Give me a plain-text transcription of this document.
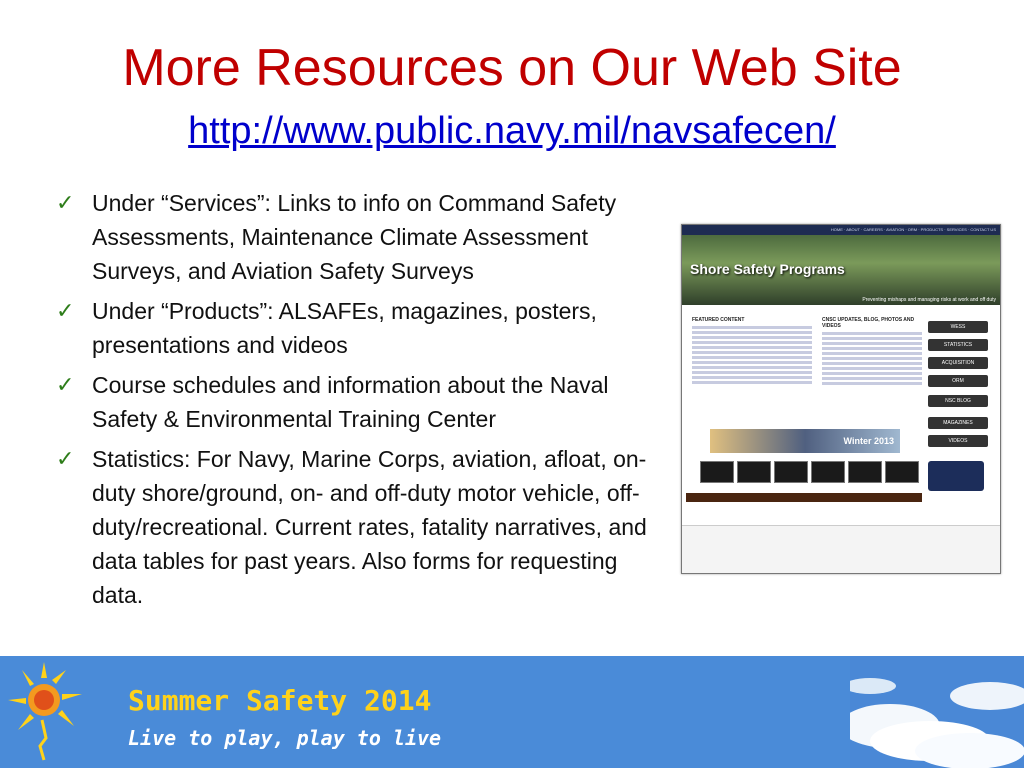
More Resources on Our Web Site
http://www.public.navy.mil/navsafecen/
✓ Under “Services”: Links to info on Command Safety Assessments, Maintenance Climate Assessment Surveys, and Aviation Safety Surveys
✓ Under “Products”: ALSAFEs, magazines, posters, presentations and videos
✓ Course schedules and information about the Naval Safety & Environmental Training Center
✓ Statistics: For Navy, Marine Corps, aviation, afloat, on-duty shore/ground, on- and off-duty motor vehicle, off-duty/recreational. Current rates, fatality narratives, and data tables for past years. Also forms for requesting data.
HOME · ABOUT · CAREERS · AVIATION · ORM · PRODUCTS · SERVICES · CONTACT US
Shore Safety Programs
Preventing mishaps and managing risks at work and off duty
FEATURED CONTENT	CNSC UPDATES, BLOG, PHOTOS AND VIDEOS	WESS
STATISTICS
ACQUISITION
ORM
NSC BLOG
MAGAZINES
VIDEOS
Winter 2013
Summer Safety 2014
Live to play, play to live
